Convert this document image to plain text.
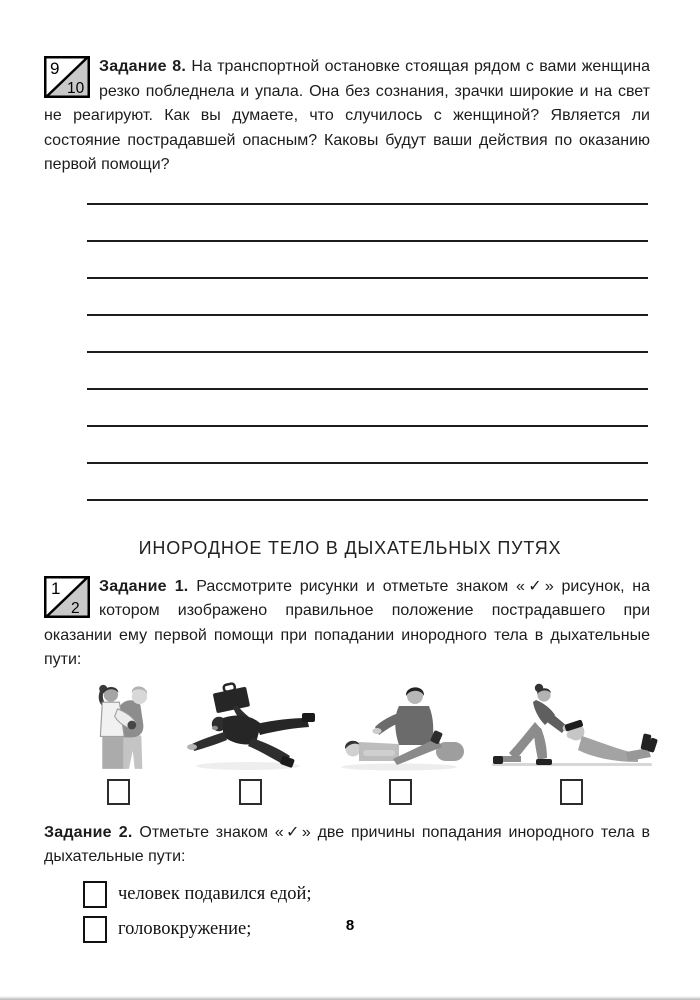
9
10

Задание 8. На транспортной остановке стоящая рядом с вами женщина резко побледнела и упала. Она без сознания, зрачки широкие и на свет не реагируют. Как вы думаете, что случилось с женщиной? Является ли состояние пострадавшей опасным? Каковы будут ваши действия по оказанию первой помощи?

ИНОРОДНОЕ ТЕЛО В ДЫХАТЕЛЬНЫХ ПУТЯХ
1
2

Задание 1. Рассмотрите рисунки и отметьте знаком «✓» рисунок, на котором изображено правильное положение пострадавшего при оказании ему первой помощи при попадании инородного тела в дыхательные пути:

Задание 2. Отметьте знаком «✓» две причины попадания инородного тела в дыхательные пути:

человек подавился едой;
головокружение;	8
